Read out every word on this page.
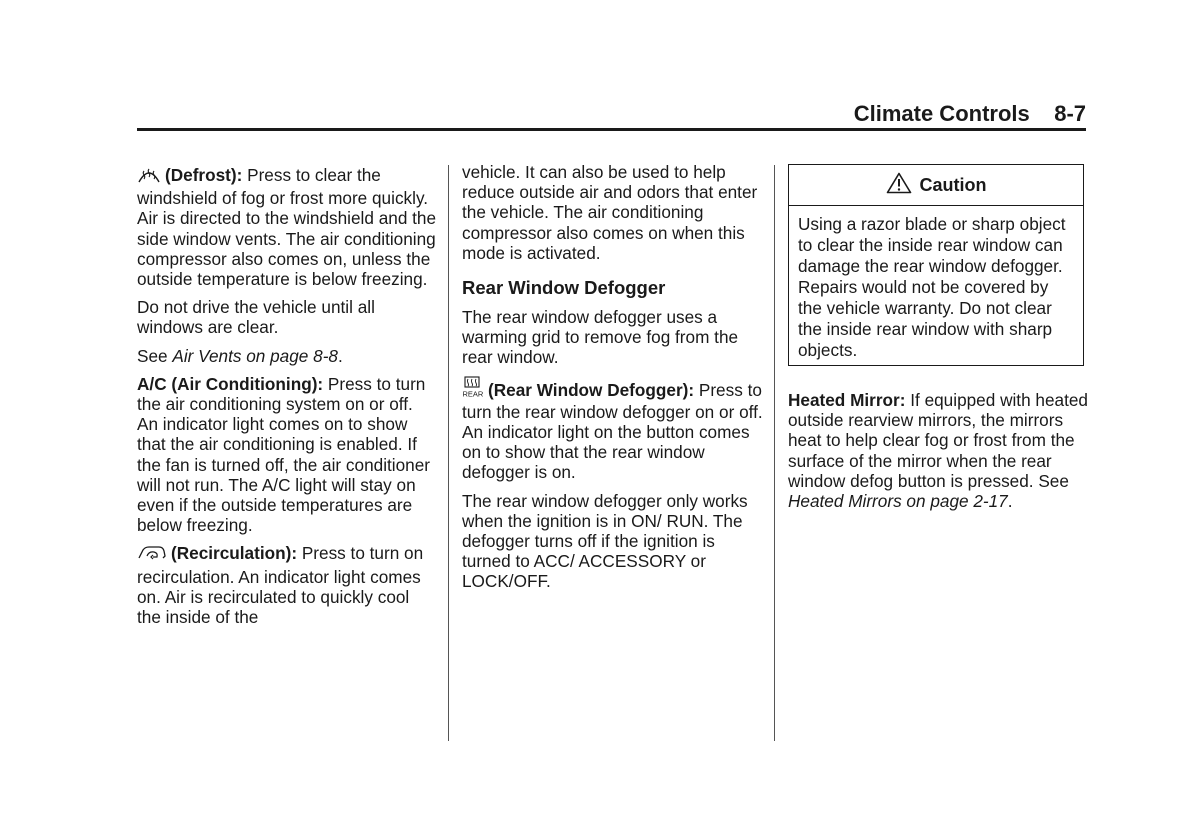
Climate Controls 8-7

(Defrost): Press to clear the windshield of fog or frost more quickly. Air is directed to the windshield and the side window vents. The air conditioning compressor also comes on, unless the outside temperature is below freezing.

Do not drive the vehicle until all windows are clear.

See Air Vents on page 8-8.

A/C (Air Conditioning): Press to turn the air conditioning system on or off. An indicator light comes on to show that the air conditioning is enabled. If the fan is turned off, the air conditioner will not run. The A/C light will stay on even if the outside temperatures are below freezing.

(Recirculation): Press to turn on recirculation. An indicator light comes on. Air is recirculated to quickly cool the inside of the

vehicle. It can also be used to help reduce outside air and odors that enter the vehicle. The air conditioning compressor also comes on when this mode is activated.

Rear Window Defogger

The rear window defogger uses a warming grid to remove fog from the rear window.

REAR (Rear Window Defogger): Press to turn the rear window defogger on or off. An indicator light on the button comes on to show that the rear window defogger is on.

The rear window defogger only works when the ignition is in ON/ RUN. The defogger turns off if the ignition is turned to ACC/ ACCESSORY or LOCK/OFF.

Caution
Using a razor blade or sharp object to clear the inside rear window can damage the rear window defogger. Repairs would not be covered by the vehicle warranty. Do not clear the inside rear window with sharp objects.

Heated Mirror: If equipped with heated outside rearview mirrors, the mirrors heat to help clear fog or frost from the surface of the mirror when the rear window defog button is pressed. See Heated Mirrors on page 2-17.
